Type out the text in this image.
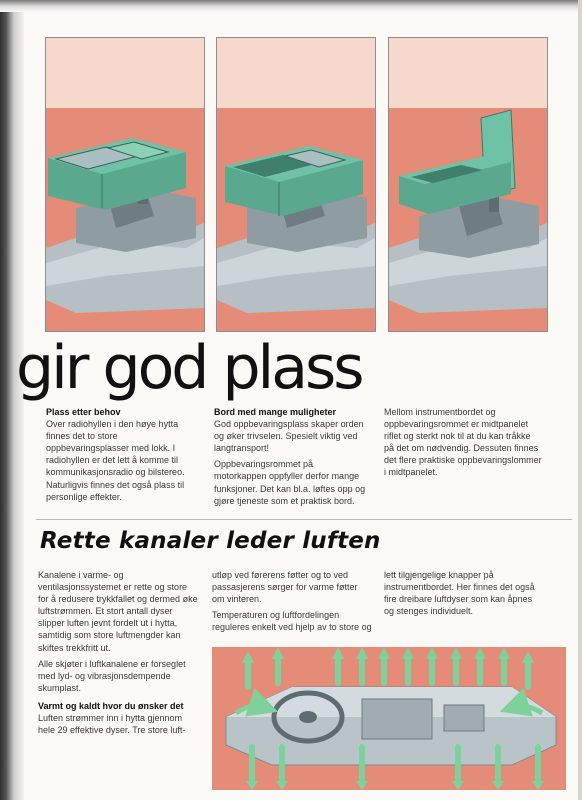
gir god plass
Plass etter behov

Over radiohyllen i den høye hytta finnes det to store oppbevaringsplasser med lokk. I radiohyllen er det lett å komme til kommunikasjonsradio og bilstereo. Naturligvis finnes det også plass til personlige effekter.

Bord med mange muligheter

God oppbevaringsplass skaper orden og øker trivselen. Spesielt viktig ved langtransport!

Oppbevaringsrommet på motorkappen oppfyller derfor mange funksjoner. Det kan bl.a. løftes opp og gjøre tjeneste som et praktisk bord.

Mellom instrumentbordet og oppbevaringsrommet er midtpanelet riflet og sterkt nok til at du kan tråkke på det om nødvendig. Dessuten finnes det flere praktiske oppbevaringslommer i midtpanelet.

Rette kanaler leder luften

Kanalene i varme- og ventilasjonssystemet er rette og store for å redusere trykkfallet og dermed øke luftstrømmen. Et stort antall dyser slipper luften jevnt fordelt ut i hytta, samtidig som store luftmengder kan skiftes trekkfritt ut.

Alle skjøter i luftkanalene er forseglet med lyd- og vibrasjonsdempende skumplast.

Varmt og kaldt hvor du ønsker det

Luften strømmer inn i hytta gjennom hele 29 effektive dyser. Tre store luft-

utløp ved førerens føtter og to ved passasjerens sørger for varme føtter om vinteren.

Temperaturen og luftfordelingen reguleres enkelt ved hjelp av to store og

lett tilgjengelige knapper på instrumentbordet. Her finnes det også fire dreibare luftdyser som kan åpnes og stenges individuelt.
